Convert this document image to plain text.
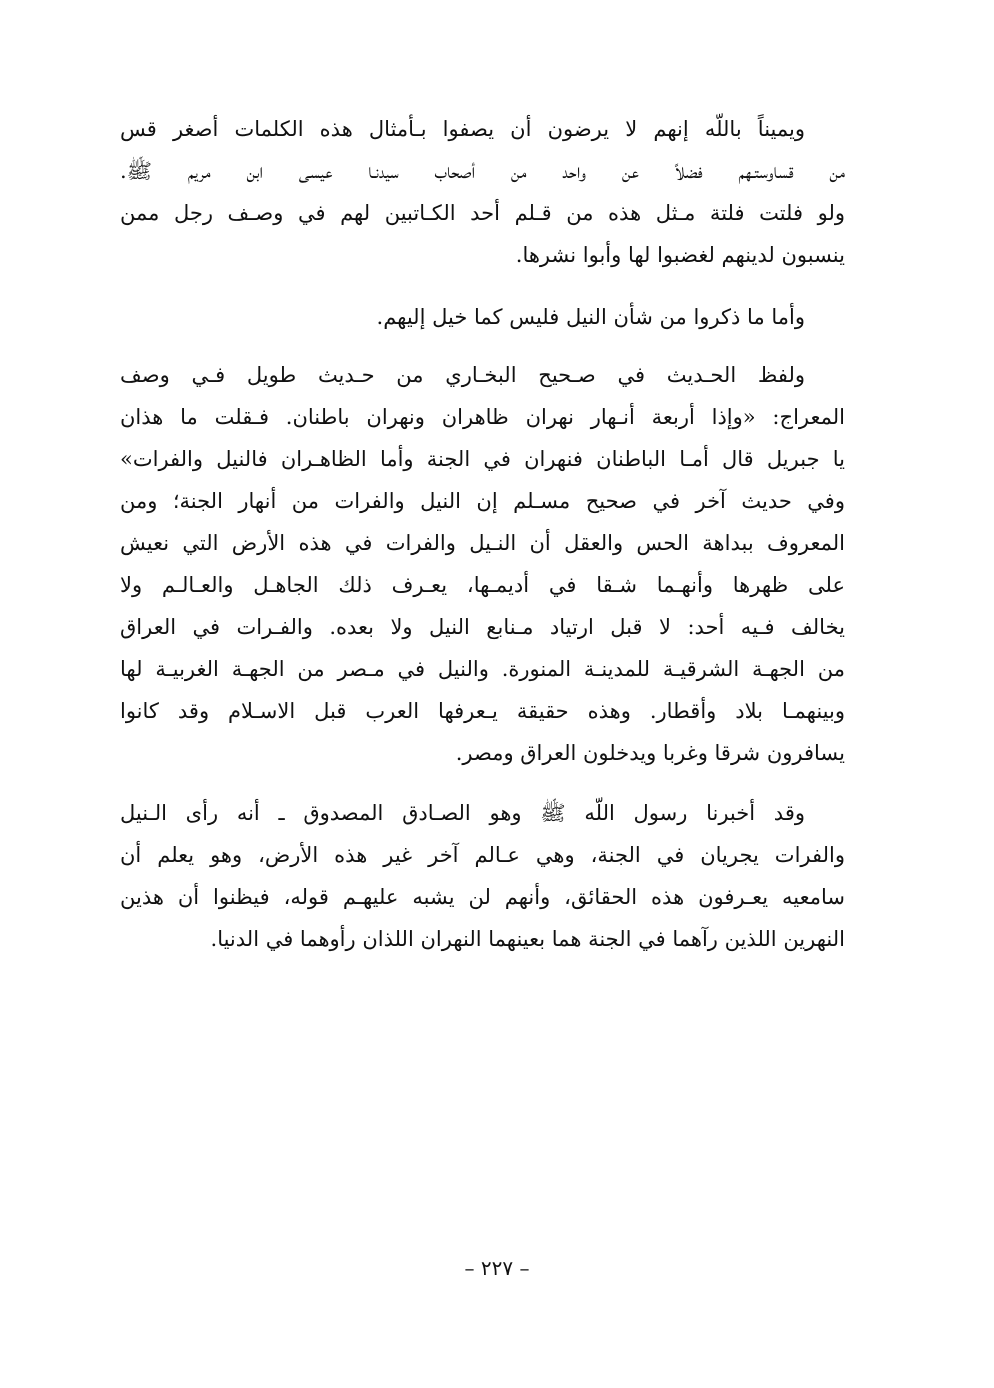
ويميناً باللّه إنهم لا يرضون أن يصفوا بـأمثال هذه الكلمات أصغر قس
من قساوستـهم فضلاً عن واحد من أصحاب سيدنـا عيسى ابن مريم ﷺ.
ولو فلتت فلتة مـثل هذه من قـلم أحد الكـاتبين لهم في وصـف رجل ممن
ينسبون لدينهم لغضبوا لها وأبوا نشرها.
وأما ما ذكروا من شأن النيل فليس كما خيل إليهم.
ولفظ الحـديث في صـحيح البخـاري من حـديث طويل فـي وصف
المعراج: «وإذا أربعة أنـهار نهران ظاهران ونهران باطنان. فـقلت ما هذان
يا جبريل قال أمـا الباطنان فنهران في الجنة وأما الظاهـران فالنيل والفرات»
وفي حديث آخر في صحيح مسـلم إن النيل والفرات من أنهار الجنة؛ ومن
المعروف ببداهة الحس والعقل أن النـيل والفرات في هذه الأرض التي نعيش
على ظهرها وأنهـما شـقا في أديمـها، يعـرف ذلك الجاهـل والعـالـم ولا
يخالف فـيه أحد: لا قبل ارتياد مـنابع النيل ولا بعده. والفـرات في العراق
من الجهـة الشرقيـة للمدينـة المنورة. والنيل في مـصر من الجهـة الغربيـة لها
وبينهمـا بلاد وأقطار. وهذه حقيقة يـعرفها العرب قبل الاسـلام وقد كانوا
يسافرون شرقا وغربا ويدخلون العراق ومصر.
وقد أخبرنا رسول اللّه ﷺ وهو الصـادق المصدوق ـ أنه رأى الـنيل
والفرات يجريان في الجنة، وهي عـالم آخر غير هذه الأرض، وهو يعلم أن
سامعيه يعـرفون هذه الحقائق، وأنهم لن يشبه عليهـم قوله، فيظنوا أن هذين
النهرين اللذين رآهما في الجنة هما بعينهما النهران اللذان رأوهما في الدنيا.
– ٢٢٧ –
